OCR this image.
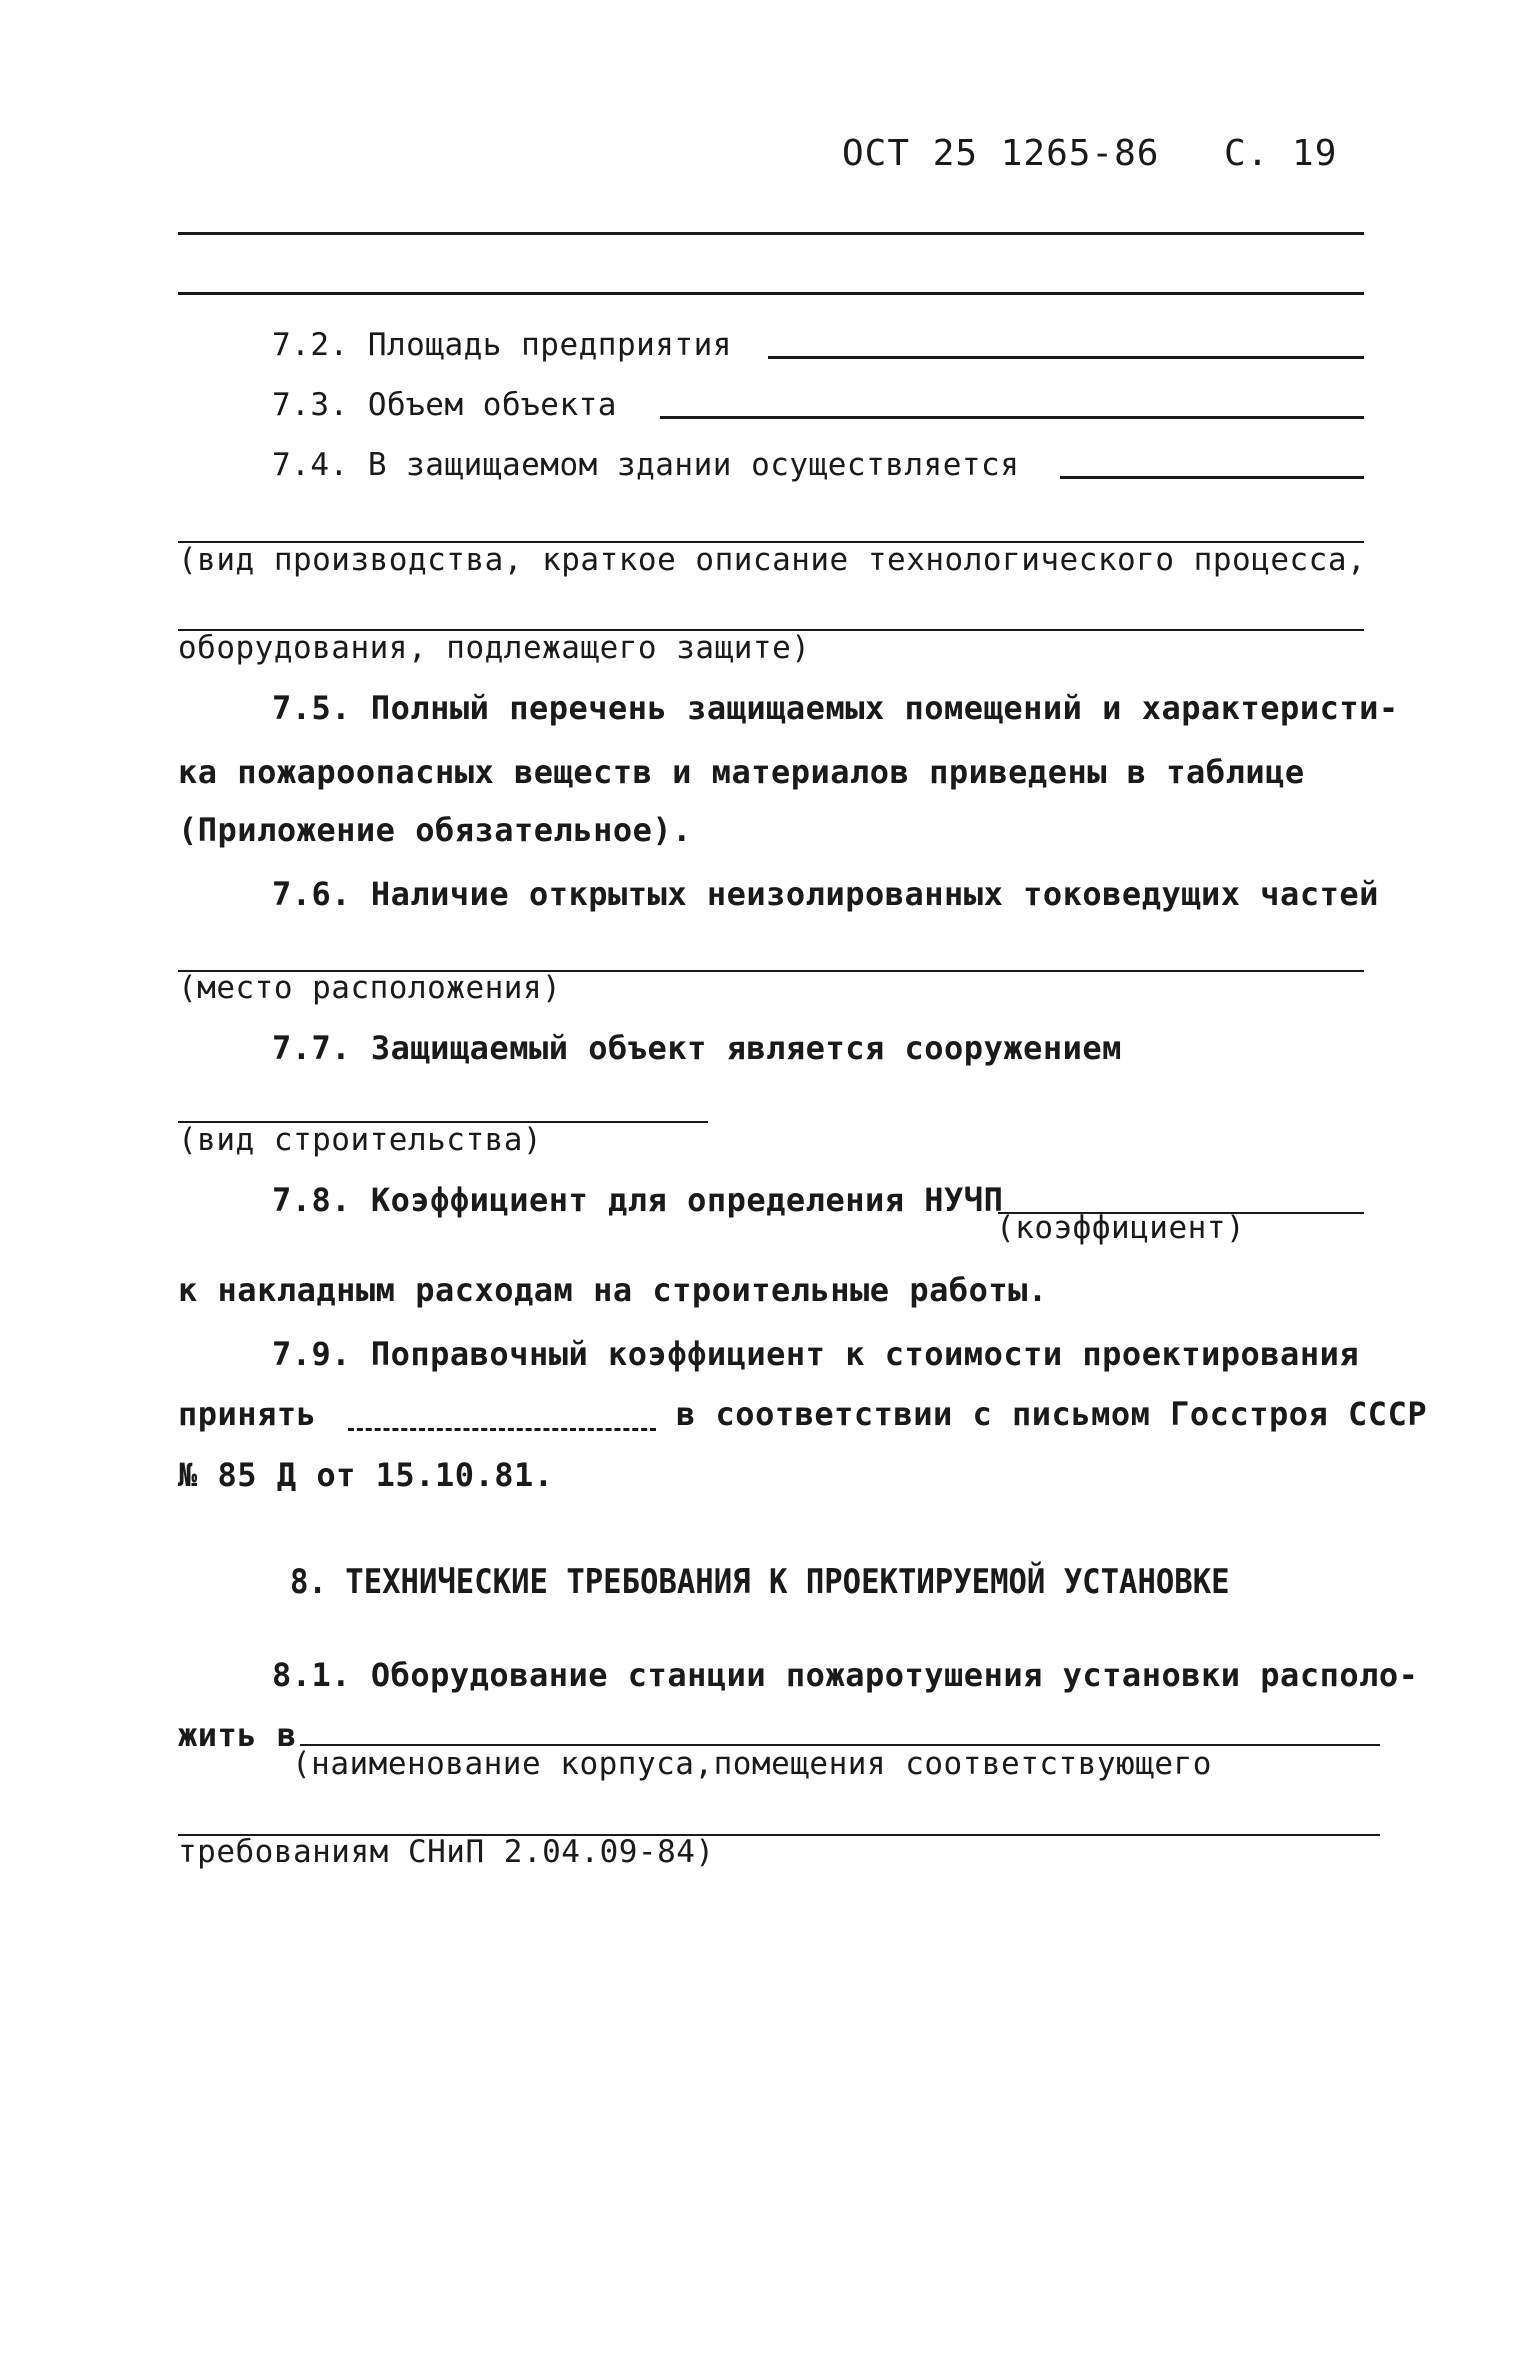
ОСТ 25 1265-86 С. 19
7.2. Площадь предприятия
7.3. Объем объекта
7.4. В защищаемом здании осуществляется
(вид производства, краткое описание технологического процесса,
оборудования, подлежащего защите)
7.5. Полный перечень защищаемых помещений и характеристи-
ка пожароопасных веществ и материалов приведены в таблице
(Приложение обязательное).
7.6. Наличие открытых неизолированных токоведущих частей
(место расположения)
7.7. Защищаемый объект является сооружением
(вид строительства)
7.8. Коэффициент для определения НУЧП
(коэффициент)
к накладным расходам на строительные работы.
7.9. Поправочный коэффициент к стоимости проектирования
принять	в соответствии с письмом Госстроя СССР
№ 85 Д от 15.10.81.
8. ТЕХНИЧЕСКИЕ ТРЕБОВАНИЯ К ПРОЕКТИРУЕМОЙ УСТАНОВКЕ
8.1. Оборудование станции пожаротушения установки располо-
жить в
(наименование корпуса,помещения соответствующего
требованиям СНиП 2.04.09-84)
